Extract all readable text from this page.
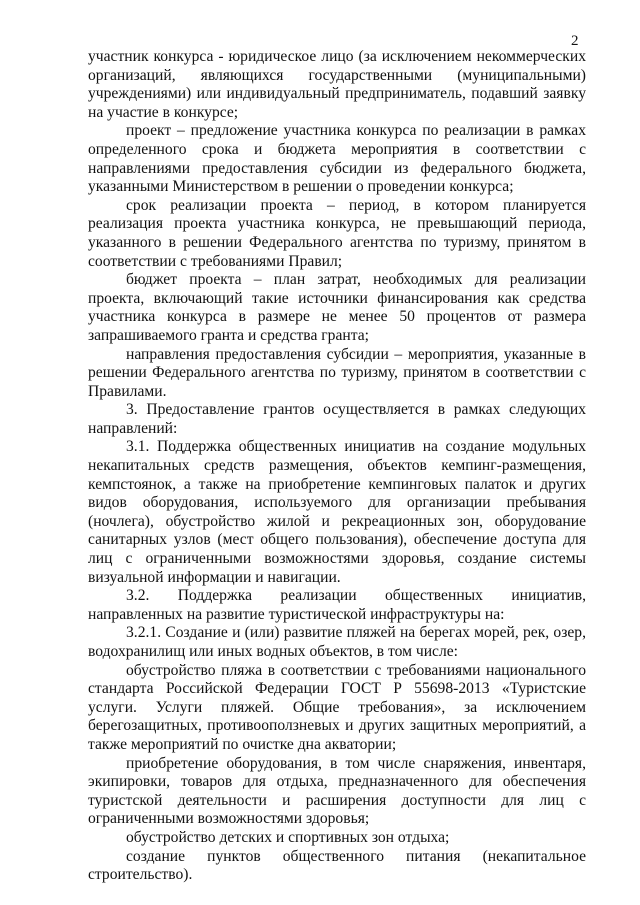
2

участник конкурса - юридическое лицо (за исключением некоммерческих организаций, являющихся государственными (муниципальными) учреждениями) или индивидуальный предприниматель, подавший заявку на участие в конкурсе;

проект – предложение участника конкурса по реализации в рамках определенного срока и бюджета мероприятия в соответствии с направлениями предоставления субсидии из федерального бюджета, указанными Министерством в решении о проведении конкурса;

срок реализации проекта – период, в котором планируется реализация проекта участника конкурса, не превышающий периода, указанного в решении Федерального агентства по туризму, принятом в соответствии с требованиями Правил;

бюджет проекта – план затрат, необходимых для реализации проекта, включающий такие источники финансирования как средства участника конкурса в размере не менее 50 процентов от размера запрашиваемого гранта и средства гранта;

направления предоставления субсидии – мероприятия, указанные в решении Федерального агентства по туризму, принятом в соответствии с Правилами.

3. Предоставление грантов осуществляется в рамках следующих направлений:

3.1. Поддержка общественных инициатив на создание модульных некапитальных средств размещения, объектов кемпинг-размещения, кемпстоянок, а также на приобретение кемпинговых палаток и других видов оборудования, используемого для организации пребывания (ночлега), обустройство жилой и рекреационных зон, оборудование санитарных узлов (мест общего пользования), обеспечение доступа для лиц с ограниченными возможностями здоровья, создание системы визуальной информации и навигации.

3.2. Поддержка реализации общественных инициатив, направленных на развитие туристической инфраструктуры на:

3.2.1. Создание и (или) развитие пляжей на берегах морей, рек, озер, водохранилищ или иных водных объектов, в том числе:

обустройство пляжа в соответствии с требованиями национального стандарта Российской Федерации ГОСТ Р 55698-2013 «Туристские услуги. Услуги пляжей. Общие требования», за исключением берегозащитных, противооползневых и других защитных мероприятий, а также мероприятий по очистке дна акватории;

приобретение оборудования, в том числе снаряжения, инвентаря, экипировки, товаров для отдыха, предназначенного для обеспечения туристской деятельности и расширения доступности для лиц с ограниченными возможностями здоровья;

обустройство детских и спортивных зон отдыха;

создание пунктов общественного питания (некапитальное строительство).
